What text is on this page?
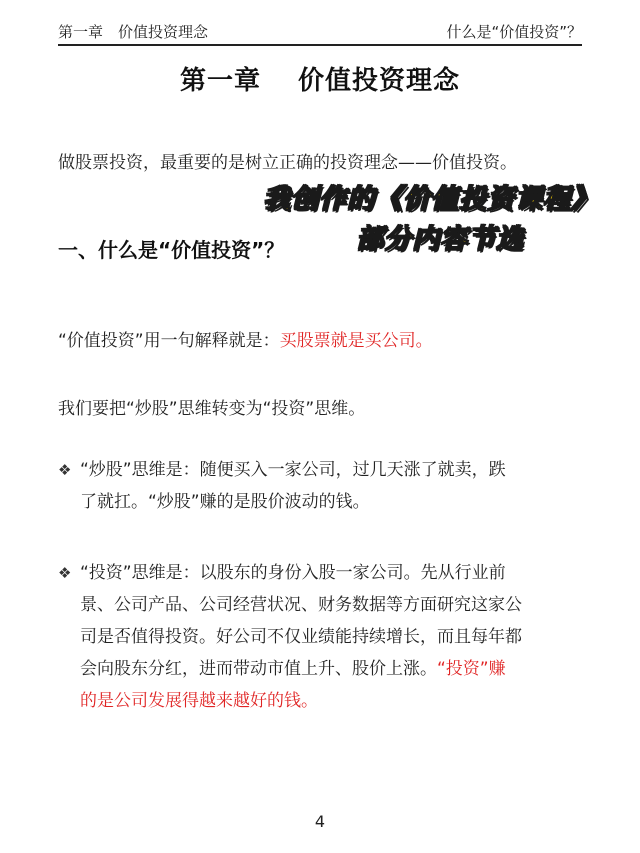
第一章　价值投资理念	什么是“价值投资”？
第一章　 价值投资理念
做股票投资，最重要的是树立正确的投资理念——价值投资。
一、什么是“价值投资”？
我创作的《价值投资课程》
部分内容节选
“价值投资”用一句解释就是：买股票就是买公司。
我们要把“炒股”思维转变为“投资”思维。
❖ “炒股”思维是：随便买入一家公司，过几天涨了就卖，跌
了就扛。“炒股”赚的是股价波动的钱。
❖ “投资”思维是：以股东的身份入股一家公司。先从行业前
景、公司产品、公司经营状况、财务数据等方面研究这家公
司是否值得投资。好公司不仅业绩能持续增长，而且每年都
会向股东分红，进而带动市值上升、股价上涨。“投资”赚
的是公司发展得越来越好的钱。
4
